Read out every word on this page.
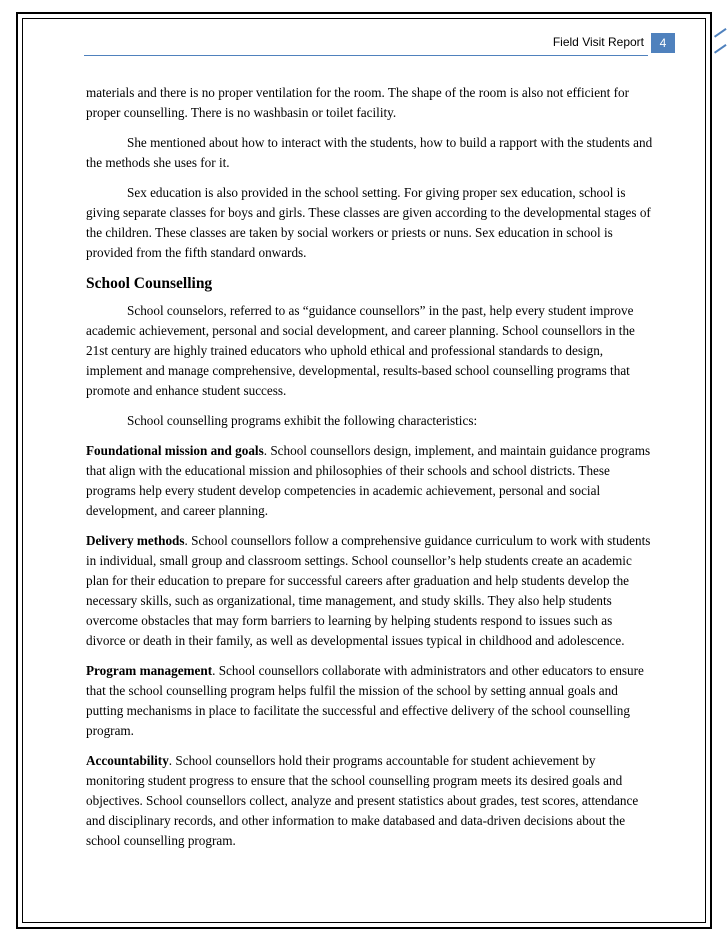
Field Visit Report	4

materials and there is no proper ventilation for the room. The shape of the room is also not efficient for proper counselling. There is no washbasin or toilet facility.

She mentioned about how to interact with the students, how to build a rapport with the students and the methods she uses for it.

Sex education is also provided in the school setting. For giving proper sex education, school is giving separate classes for boys and girls. These classes are given according to the developmental stages of the children. These classes are taken by social workers or priests or nuns. Sex education in school is provided from the fifth standard onwards.

School Counselling

School counselors, referred to as “guidance counsellors” in the past, help every student improve academic achievement, personal and social development, and career planning. School counsellors in the 21st century are highly trained educators who uphold ethical and professional standards to design, implement and manage comprehensive, developmental, results-based school counselling programs that promote and enhance student success.

School counselling programs exhibit the following characteristics:

Foundational mission and goals. School counsellors design, implement, and maintain guidance programs that align with the educational mission and philosophies of their schools and school districts. These programs help every student develop competencies in academic achievement, personal and social development, and career planning.

Delivery methods. School counsellors follow a comprehensive guidance curriculum to work with students in individual, small group and classroom settings. School counsellor’s help students create an academic plan for their education to prepare for successful careers after graduation and help students develop the necessary skills, such as organizational, time management, and study skills. They also help students overcome obstacles that may form barriers to learning by helping students respond to issues such as divorce or death in their family, as well as developmental issues typical in childhood and adolescence.

Program management. School counsellors collaborate with administrators and other educators to ensure that the school counselling program helps fulfil the mission of the school by setting annual goals and putting mechanisms in place to facilitate the successful and effective delivery of the school counselling program.

Accountability. School counsellors hold their programs accountable for student achievement by monitoring student progress to ensure that the school counselling program meets its desired goals and objectives. School counsellors collect, analyze and present statistics about grades, test scores, attendance and disciplinary records, and other information to make databased and data-driven decisions about the school counselling program.
